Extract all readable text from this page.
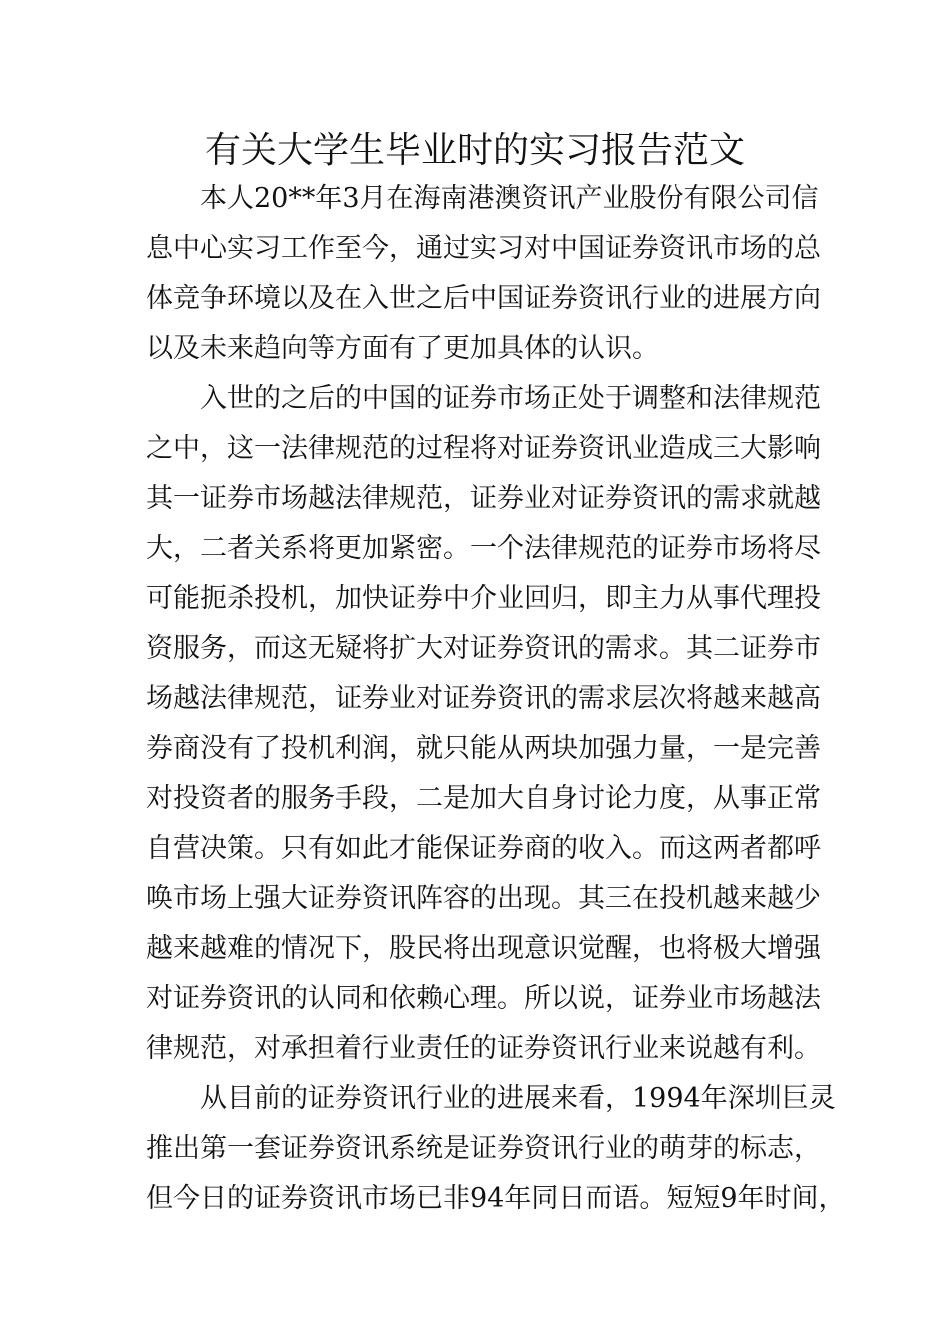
有关大学生毕业时的实习报告范文

本人20**年3月在海南港澳资讯产业股份有限公司信

息中心实习工作至今，通过实习对中国证券资讯市场的总

体竞争环境以及在入世之后中国证券资讯行业的进展方向

以及未来趋向等方面有了更加具体的认识。

入世的之后的中国的证券市场正处于调整和法律规范

之中，这一法律规范的过程将对证券资讯业造成三大影响

其一证券市场越法律规范，证券业对证券资讯的需求就越

大，二者关系将更加紧密。一个法律规范的证券市场将尽

可能扼杀投机，加快证券中介业回归，即主力从事代理投

资服务，而这无疑将扩大对证券资讯的需求。其二证券市

场越法律规范，证券业对证券资讯的需求层次将越来越高

券商没有了投机利润，就只能从两块加强力量，一是完善

对投资者的服务手段，二是加大自身讨论力度，从事正常

自营决策。只有如此才能保证券商的收入。而这两者都呼

唤市场上强大证券资讯阵容的出现。其三在投机越来越少

越来越难的情况下，股民将出现意识觉醒，也将极大增强

对证券资讯的认同和依赖心理。所以说，证券业市场越法

律规范，对承担着行业责任的证券资讯行业来说越有利。

从目前的证券资讯行业的进展来看，1994年深圳巨灵

推出第一套证券资讯系统是证券资讯行业的萌芽的标志，

但今日的证券资讯市场已非94年同日而语。短短9年时间，
